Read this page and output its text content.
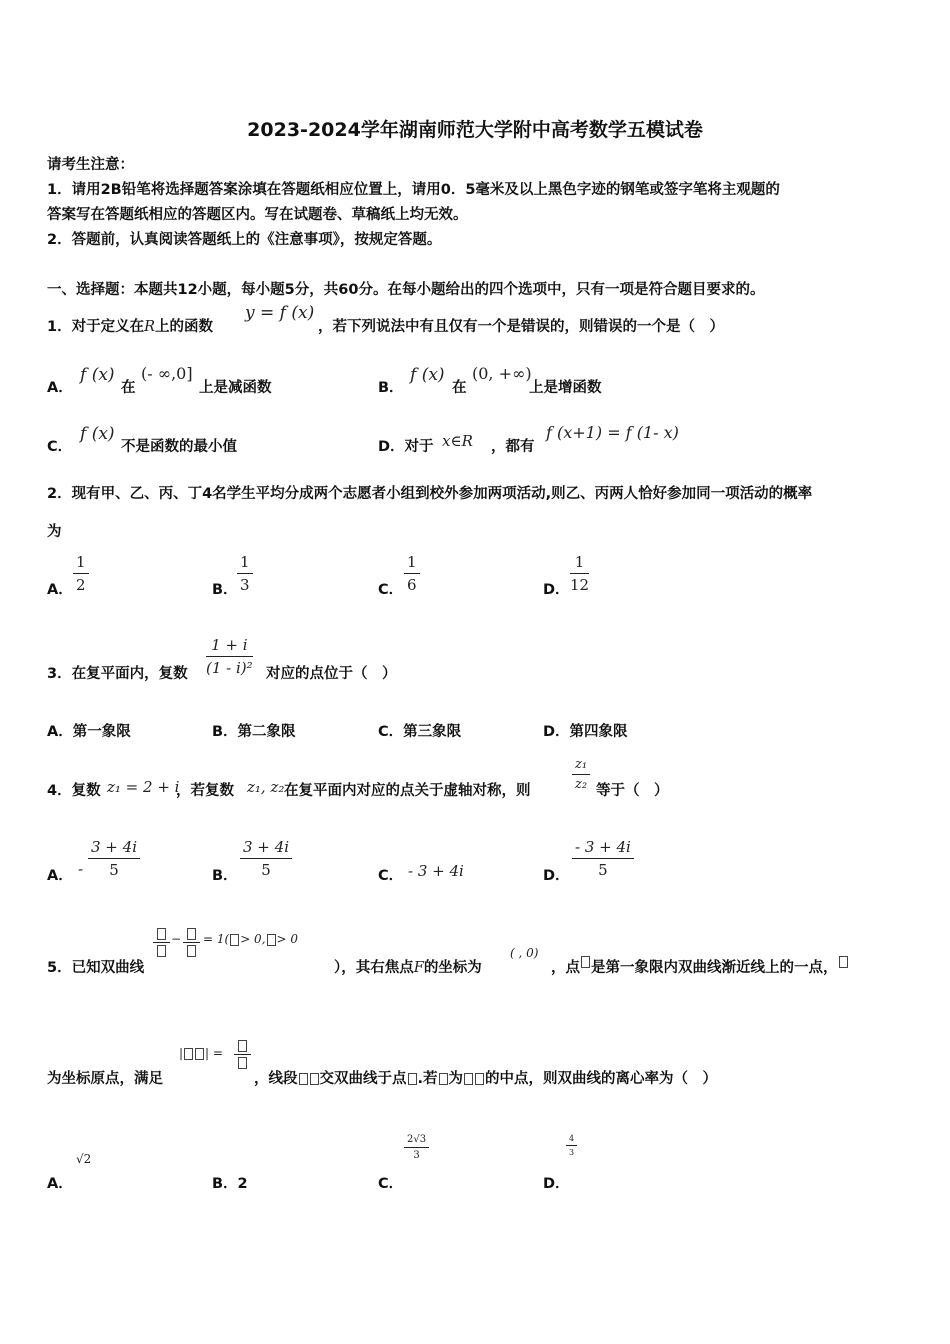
2023-2024学年湖南师范大学附中高考数学五模试卷
请考生注意：
1．请用2B铅笔将选择题答案涂填在答题纸相应位置上，请用0．5毫米及以上黑色字迹的钢笔或签字笔将主观题的
答案写在答题纸相应的答题区内。写在试题卷、草稿纸上均无效。
2．答题前，认真阅读答题纸上的《注意事项》，按规定答题。
一、选择题：本题共12小题，每小题5分，共60分。在每小题给出的四个选项中，只有一项是符合题目要求的。
1．对于定义在R上的函数
y = f (x)
，若下列说法中有且仅有一个是错误的，则错误的一个是（　）
A．
f (x)
在
(- ∞,0]
上是减函数	B．
f (x)
在
(0, +∞)
上是增函数
C．
f (x)
不是函数的最小值	D．对于 x∈R ，都有
f (x+1) = f (1- x)
2．现有甲、乙、丙、丁4名学生平均分成两个志愿者小组到校外参加两项活动,则乙、丙两人恰好参加同一项活动的概率
为
A． $\frac{1}{2}$	B． $\frac{1}{3}$	C． $\frac{1}{6}$	D． $\frac{1}{12}$
3．在复平面内，复数 $\frac{1 + i}{\text{(1 - i)²}}$ 对应的点位于（　）
A．第一象限	B．第二象限	C．第三象限	D．第四象限
4．复数 z₁ = 2 + i
，若复数 z₁, z₂ 在复平面内对应的点关于虚轴对称，则	$\frac{\text{z₁}}{\text{z₂}}$ 等于（　）
A． - $\frac{3 + 4i}{5}$	B． $\frac{3 + 4i}{5}$	C． - 3 + 4i	D． $\frac{- 3 + 4i}{5}$
5．已知双曲线
− = 1( > 0, > 0
），其右焦点F的坐标为
( , 0)
，点 是第一象限内双曲线渐近线上的一点，
为坐标原点，满足
| | =
，线段 交双曲线于点 .若 为 的中点，则双曲线的离心率为（　）
A．
√2
B．2	C．
$\frac{2√3}{3}$
D．
$\frac{4}{3}$
